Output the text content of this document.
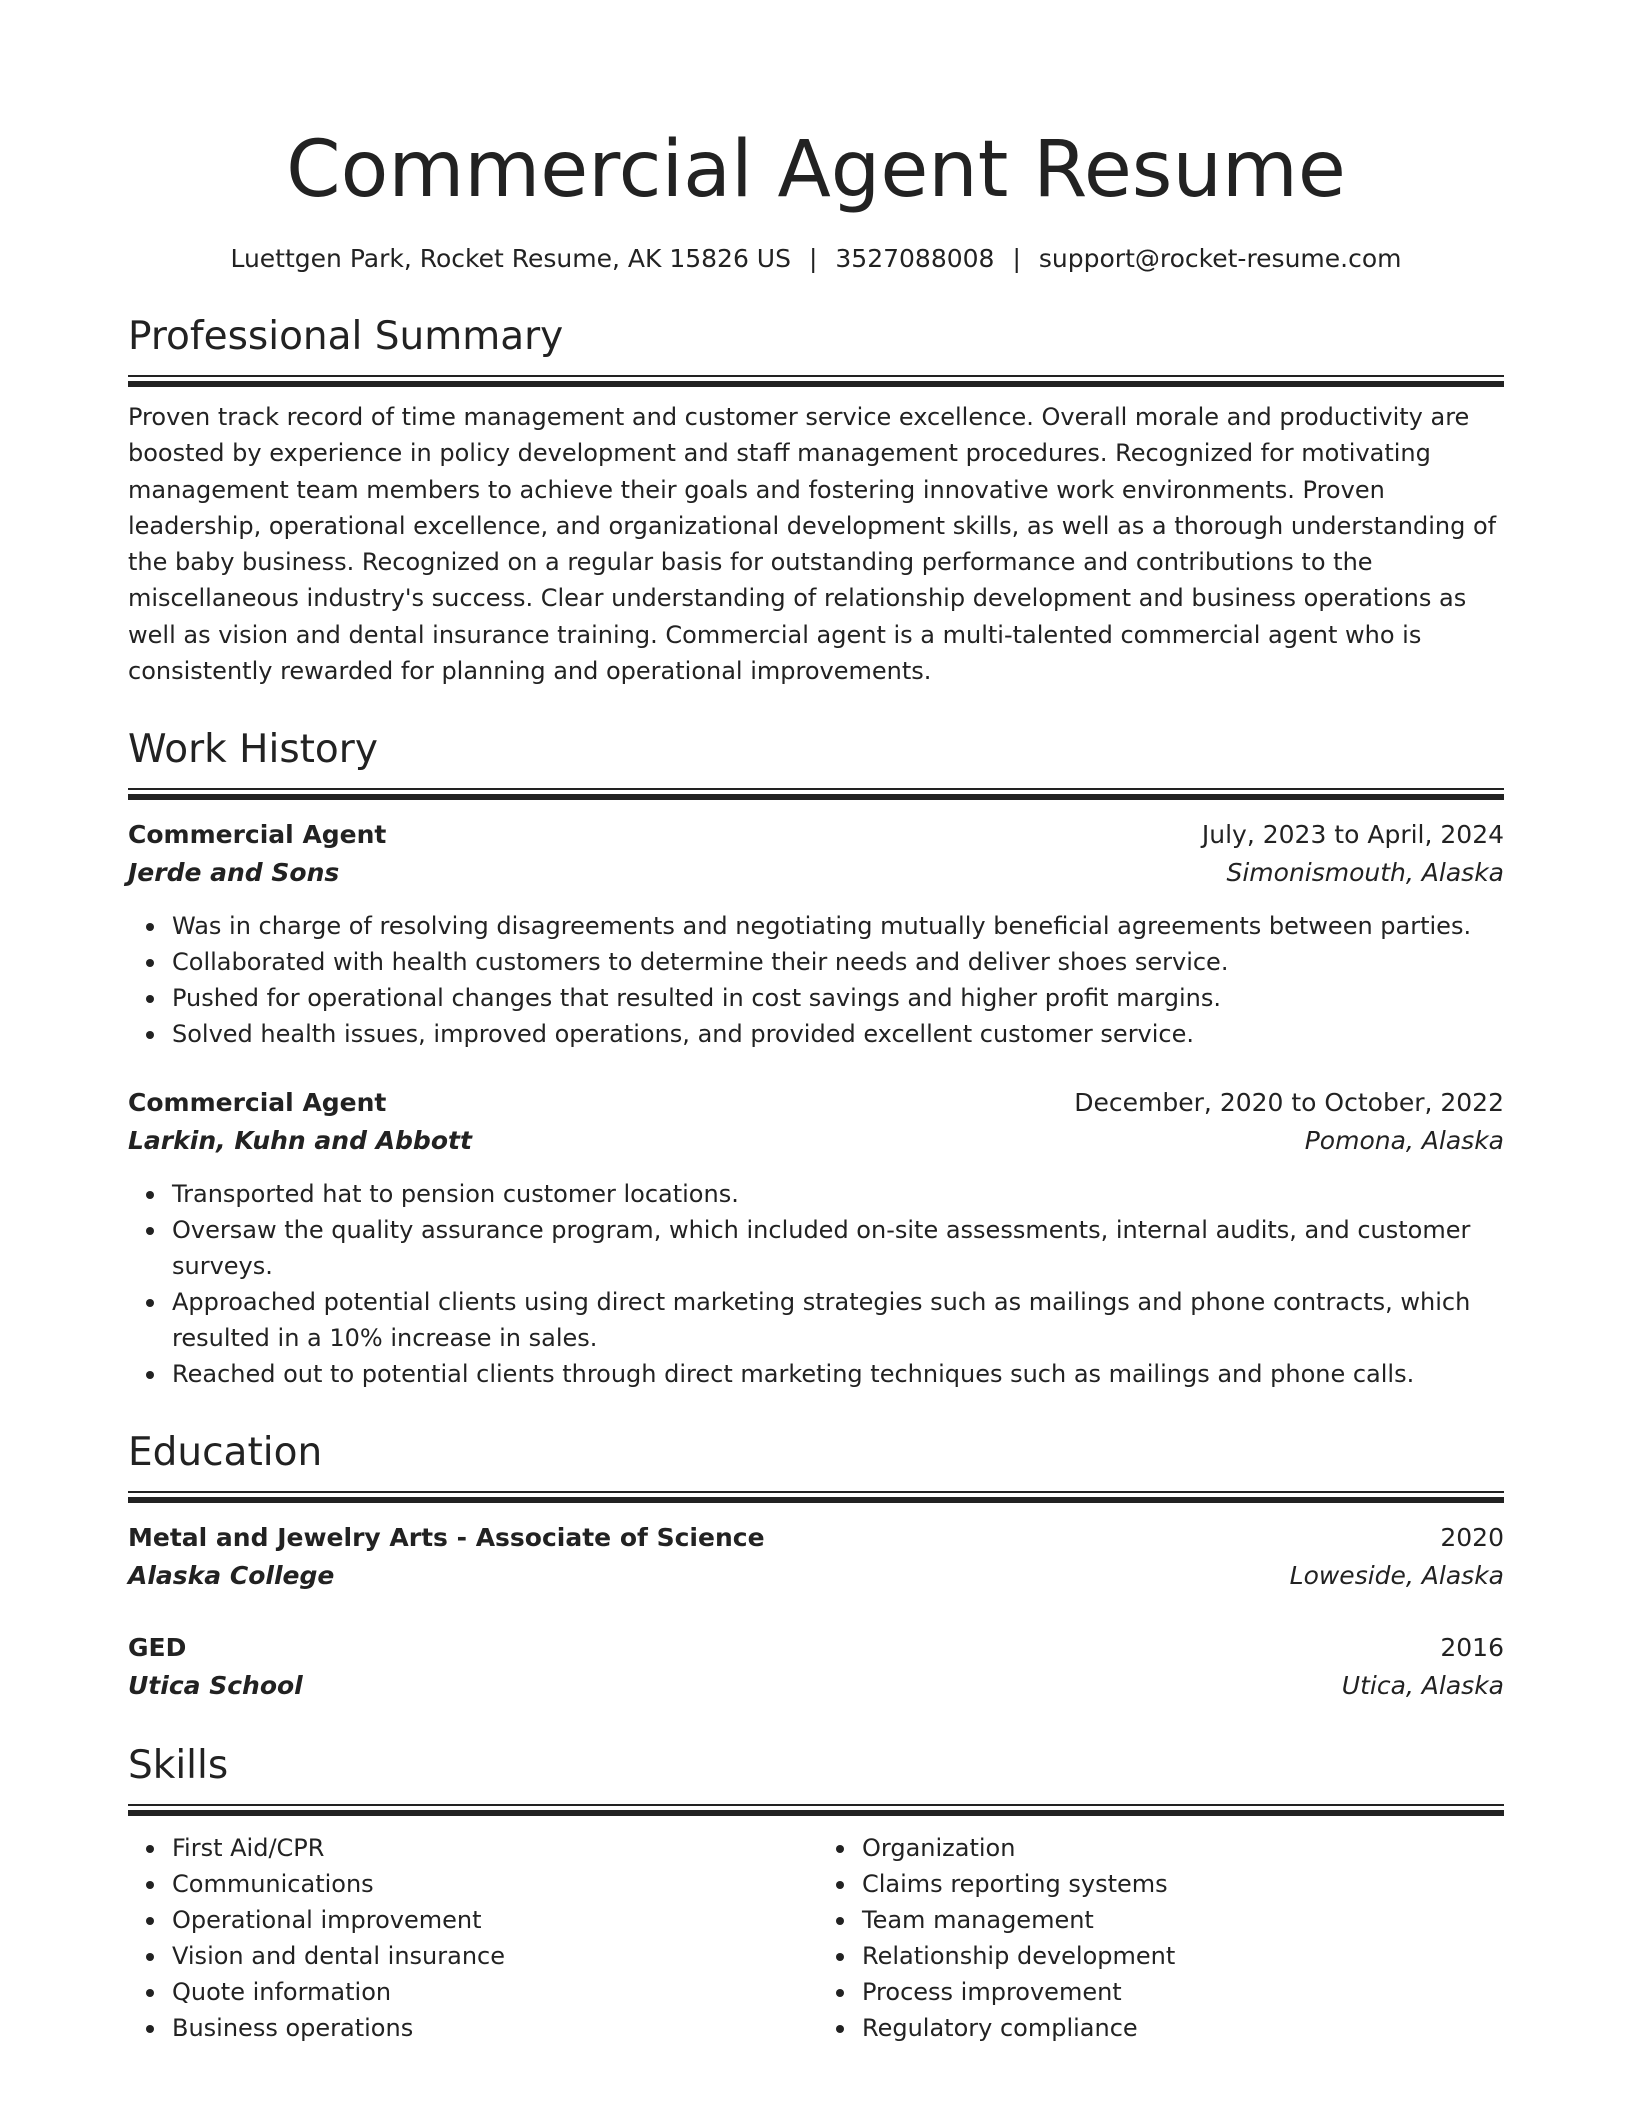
Commercial Agent Resume
Luettgen Park, Rocket Resume, AK 15826 US | 3527088008 | support@rocket-resume.com
Professional Summary

Proven track record of time management and customer service excellence. Overall morale and productivity are boosted by experience in policy development and staff management procedures. Recognized for motivating management team members to achieve their goals and fostering innovative work environments. Proven leadership, operational excellence, and organizational development skills, as well as a thorough understanding of the baby business. Recognized on a regular basis for outstanding performance and contributions to the miscellaneous industry's success. Clear understanding of relationship development and business operations as well as vision and dental insurance training. Commercial agent is a multi-talented commercial agent who is consistently rewarded for planning and operational improvements.

Work History
Commercial Agent	July, 2023 to April, 2024
Jerde and Sons	Simonismouth, Alaska
Was in charge of resolving disagreements and negotiating mutually beneficial agreements between parties.
Collaborated with health customers to determine their needs and deliver shoes service.
Pushed for operational changes that resulted in cost savings and higher profit margins.
Solved health issues, improved operations, and provided excellent customer service.
Commercial Agent	December, 2020 to October, 2022
Larkin, Kuhn and Abbott	Pomona, Alaska
Transported hat to pension customer locations.
Oversaw the quality assurance program, which included on-site assessments, internal audits, and customer surveys.
Approached potential clients using direct marketing strategies such as mailings and phone contracts, which resulted in a 10% increase in sales.
Reached out to potential clients through direct marketing techniques such as mailings and phone calls.
Education
Metal and Jewelry Arts - Associate of Science	2020
Alaska College	Loweside, Alaska
GED	2016
Utica School	Utica, Alaska
Skills
First Aid/CPR
Communications
Operational improvement
Vision and dental insurance
Quote information
Business operations
Organization
Claims reporting systems
Team management
Relationship development
Process improvement
Regulatory compliance
